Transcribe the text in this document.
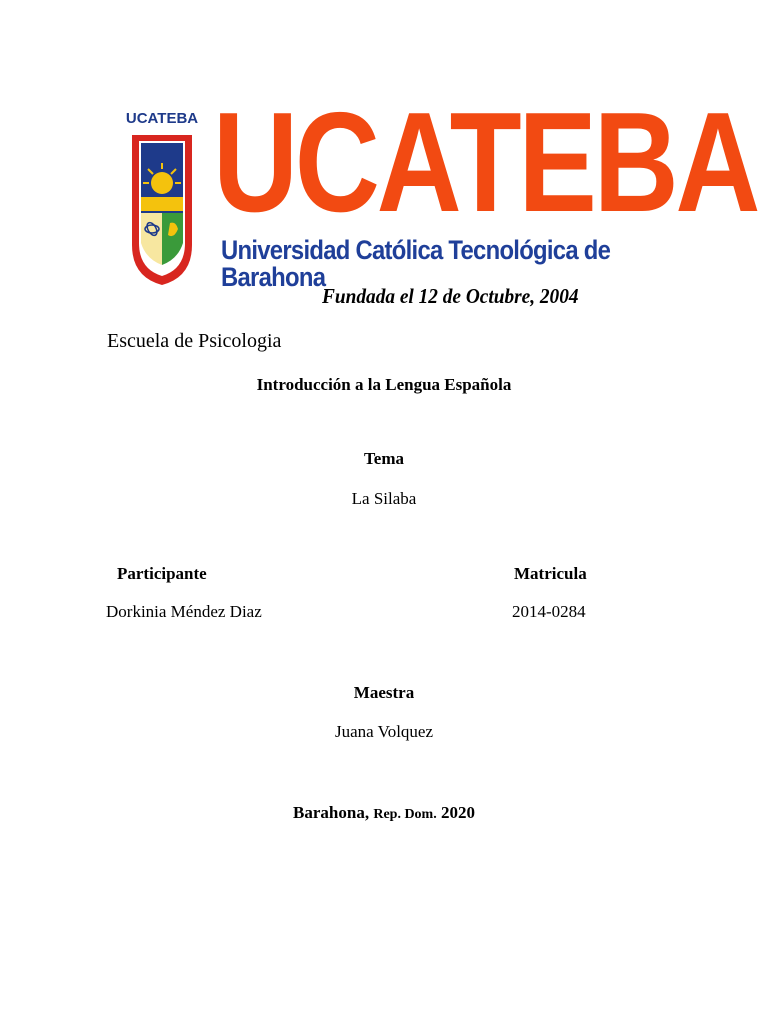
UCATEBA UCATEBA
Universidad Católica Tecnológica de Barahona
Fundada el 12 de Octubre, 2004
Escuela de Psicologia
Introducción a la Lengua Española
Tema
La Silaba
Participante
Dorkinia Méndez Diaz
Matricula
2014-0284
Maestra
Juana Volquez
Barahona, Rep. Dom. 2020
